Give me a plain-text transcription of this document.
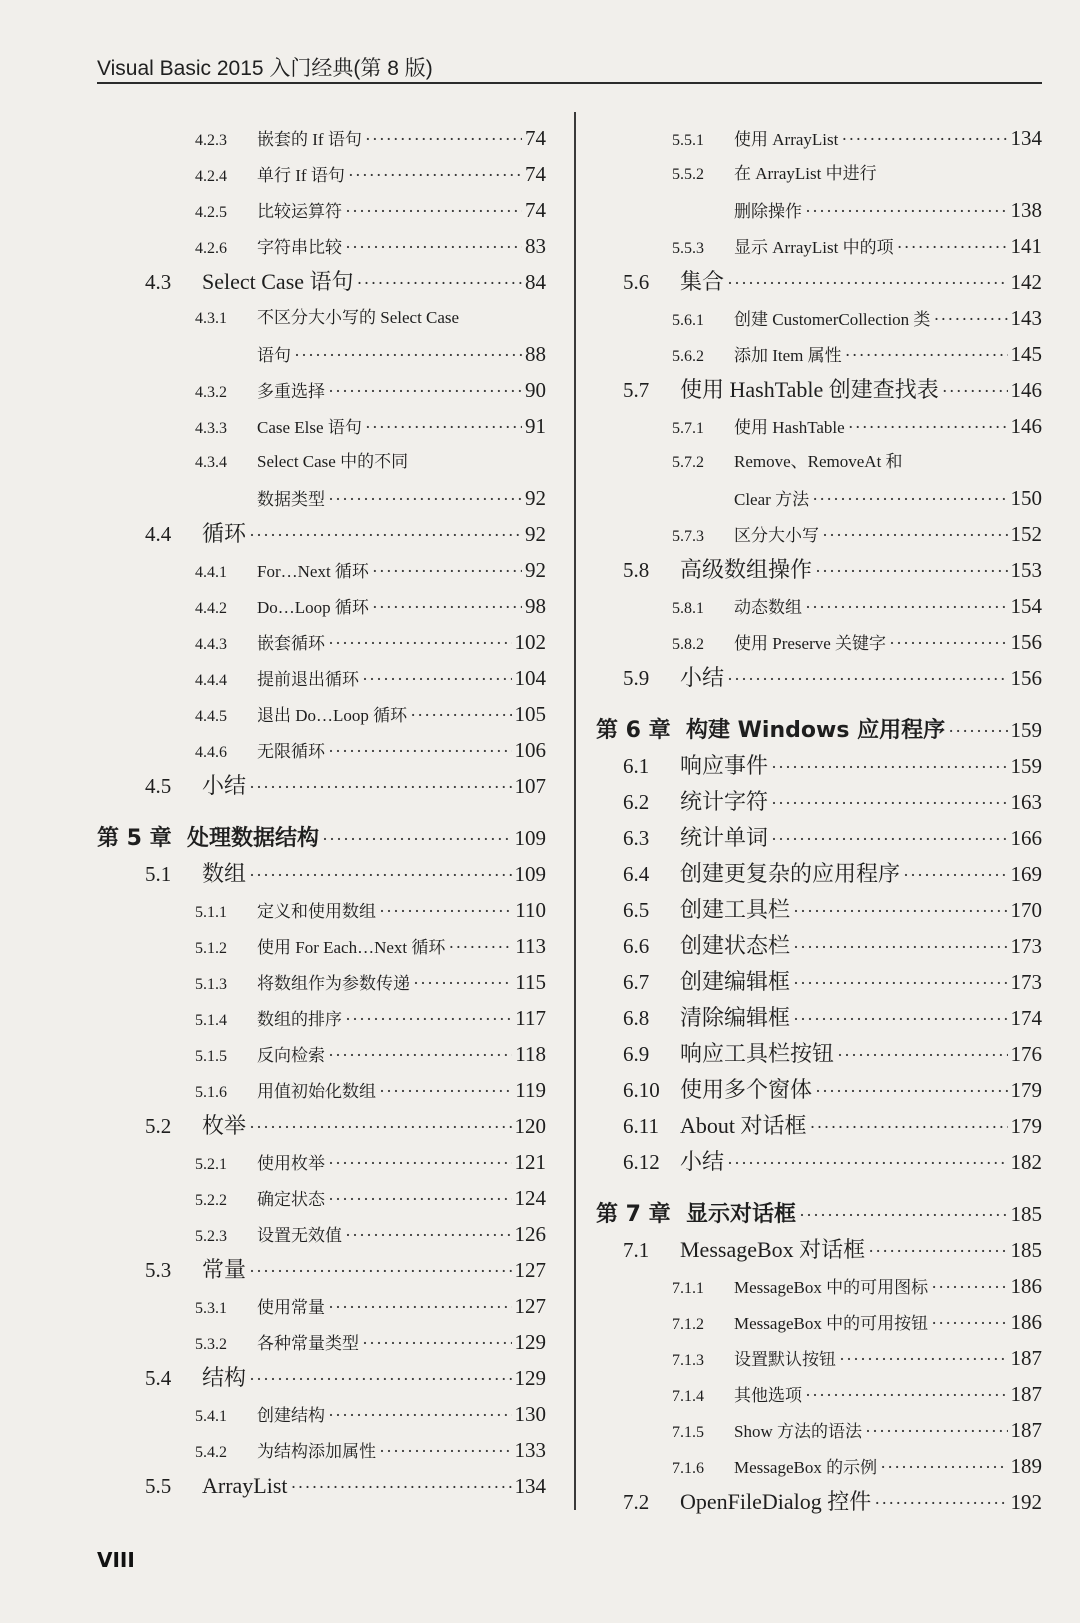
Visual Basic 2015 入门经典(第 8 版)
4.2.3	嵌套的 If 语句 ·····	74
4.2.4	单行 If 语句 ·····	74
4.2.5	比较运算符 ·····	74
4.2.6	字符串比较 ·····	83
4.3	Select Case 语句 ·····	84
4.3.1	不区分大小写的 Select Case
语句 ·····	88
4.3.2	多重选择 ·····	90
4.3.3	Case Else 语句 ·····	91
4.3.4	Select Case 中的不同
数据类型 ·····	92
4.4	循环 ·····	92
4.4.1	For…Next 循环 ·····	92
4.4.2	Do…Loop 循环 ·····	98
4.4.3	嵌套循环 ·····	102
4.4.4	提前退出循环 ·····	104
4.4.5	退出 Do…Loop 循环 ·····	105
4.4.6	无限循环 ·····	106
4.5	小结 ·····	107
第 5 章 处理数据结构 ·····	109
5.1	数组 ·····	109
5.1.1	定义和使用数组 ·····	110
5.1.2	使用 For Each…Next 循环 ·····	113
5.1.3	将数组作为参数传递 ·····	115
5.1.4	数组的排序 ·····	117
5.1.5	反向检索 ·····	118
5.1.6	用值初始化数组 ·····	119
5.2	枚举 ·····	120
5.2.1	使用枚举 ·····	121
5.2.2	确定状态 ·····	124
5.2.3	设置无效值 ·····	126
5.3	常量 ·····	127
5.3.1	使用常量 ·····	127
5.3.2	各种常量类型 ·····	129
5.4	结构 ·····	129
5.4.1	创建结构 ·····	130
5.4.2	为结构添加属性 ·····	133
5.5	ArrayList ·····	134
5.5.1	使用 ArrayList ·····	134
5.5.2	在 ArrayList 中进行
删除操作 ·····	138
5.5.3	显示 ArrayList 中的项 ·····	141
5.6	集合 ·····	142
5.6.1	创建 CustomerCollection 类 ·····	143
5.6.2	添加 Item 属性 ·····	145
5.7	使用 HashTable 创建查找表 ·····	146
5.7.1	使用 HashTable ·····	146
5.7.2	Remove、RemoveAt 和
Clear 方法 ·····	150
5.7.3	区分大小写 ·····	152
5.8	高级数组操作 ·····	153
5.8.1	动态数组 ·····	154
5.8.2	使用 Preserve 关键字 ·····	156
5.9	小结 ·····	156
第 6 章 构建 Windows 应用程序 ·····	159
6.1	响应事件 ·····	159
6.2	统计字符 ·····	163
6.3	统计单词 ·····	166
6.4	创建更复杂的应用程序 ·····	169
6.5	创建工具栏 ·····	170
6.6	创建状态栏 ·····	173
6.7	创建编辑框 ·····	173
6.8	清除编辑框 ·····	174
6.9	响应工具栏按钮 ·····	176
6.10 使用多个窗体 ·····	179
6.11 About 对话框 ·····	179
6.12 小结 ·····	182
第 7 章 显示对话框 ·····	185
7.1	MessageBox 对话框 ·····	185
7.1.1	MessageBox 中的可用图标 ·····	186
7.1.2	MessageBox 中的可用按钮 ·····	186
7.1.3	设置默认按钮 ·····	187
7.1.4	其他选项 ·····	187
7.1.5	Show 方法的语法 ·····	187
7.1.6	MessageBox 的示例 ·····	189
7.2	OpenFileDialog 控件 ·····	192
VIII
